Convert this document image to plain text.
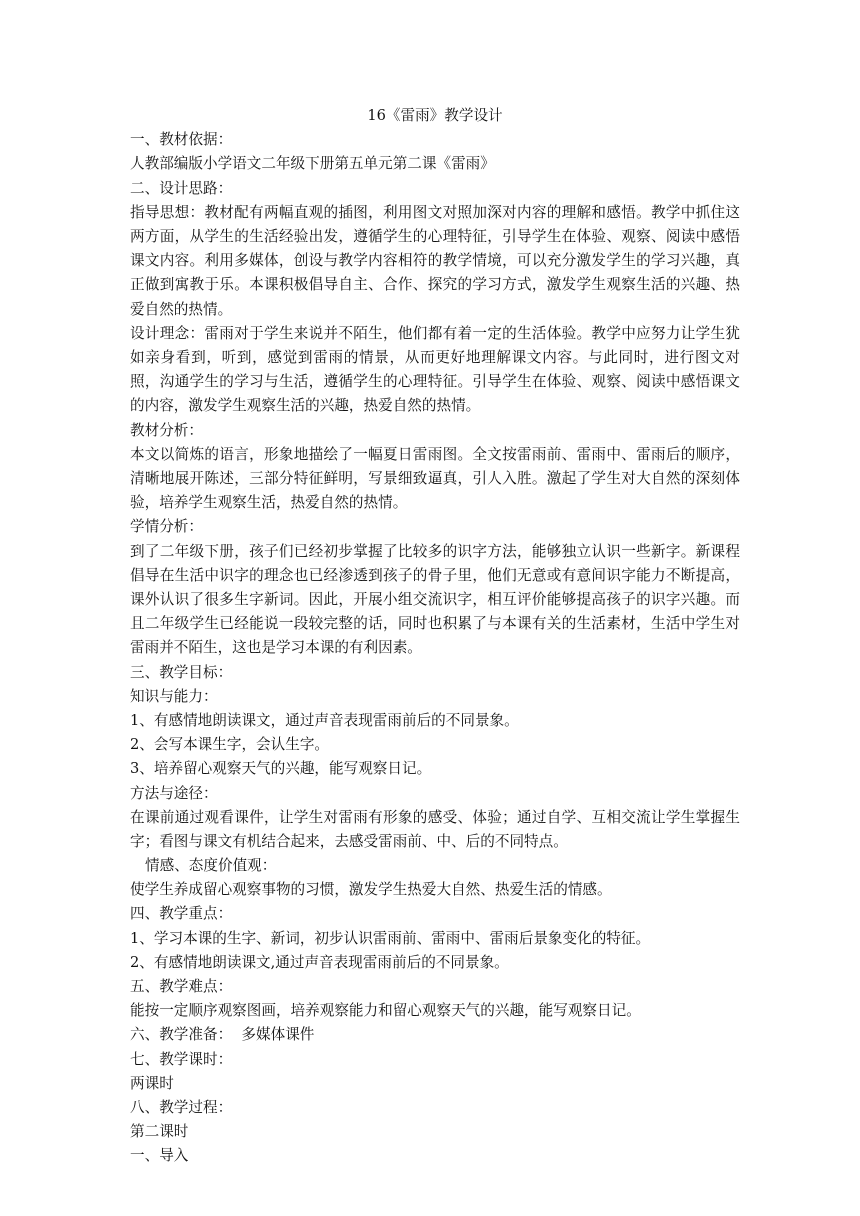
16《雷雨》教学设计
一、教材依据：
人教部编版小学语文二年级下册第五单元第二课《雷雨》
二、设计思路：
指导思想：教材配有两幅直观的插图，利用图文对照加深对内容的理解和感悟。教学中抓住这两方面，从学生的生活经验出发，遵循学生的心理特征，引导学生在体验、观察、阅读中感悟课文内容。利用多媒体，创设与教学内容相符的教学情境，可以充分激发学生的学习兴趣，真正做到寓教于乐。本课积极倡导自主、合作、探究的学习方式，激发学生观察生活的兴趣、热爱自然的热情。
设计理念：雷雨对于学生来说并不陌生，他们都有着一定的生活体验。教学中应努力让学生犹如亲身看到，听到，感觉到雷雨的情景，从而更好地理解课文内容。与此同时，进行图文对照，沟通学生的学习与生活，遵循学生的心理特征。引导学生在体验、观察、阅读中感悟课文的内容，激发学生观察生活的兴趣，热爱自然的热情。
教材分析：
本文以简炼的语言，形象地描绘了一幅夏日雷雨图。全文按雷雨前、雷雨中、雷雨后的顺序，清晰地展开陈述，三部分特征鲜明，写景细致逼真，引人入胜。激起了学生对大自然的深刻体验，培养学生观察生活，热爱自然的热情。
学情分析：
到了二年级下册，孩子们已经初步掌握了比较多的识字方法，能够独立认识一些新字。新课程倡导在生活中识字的理念也已经渗透到孩子的骨子里，他们无意或有意间识字能力不断提高，课外认识了很多生字新词。因此，开展小组交流识字，相互评价能够提高孩子的识字兴趣。而且二年级学生已经能说一段较完整的话，同时也积累了与本课有关的生活素材，生活中学生对雷雨并不陌生，这也是学习本课的有利因素。
三、教学目标：
知识与能力：
1、有感情地朗读课文，通过声音表现雷雨前后的不同景象。
2、会写本课生字，会认生字。
3、培养留心观察天气的兴趣，能写观察日记。
方法与途径：
在课前通过观看课件，让学生对雷雨有形象的感受、体验；通过自学、互相交流让学生掌握生字；看图与课文有机结合起来，去感受雷雨前、中、后的不同特点。
情感、态度价值观：
使学生养成留心观察事物的习惯，激发学生热爱大自然、热爱生活的情感。
四、教学重点：
1、学习本课的生字、新词，初步认识雷雨前、雷雨中、雷雨后景象变化的特征。
2、有感情地朗读课文,通过声音表现雷雨前后的不同景象。
五、教学难点：
能按一定顺序观察图画，培养观察能力和留心观察天气的兴趣，能写观察日记。
六、教学准备：  多媒体课件
七、教学课时：
两课时
八、教学过程：
第二课时
一、导入
